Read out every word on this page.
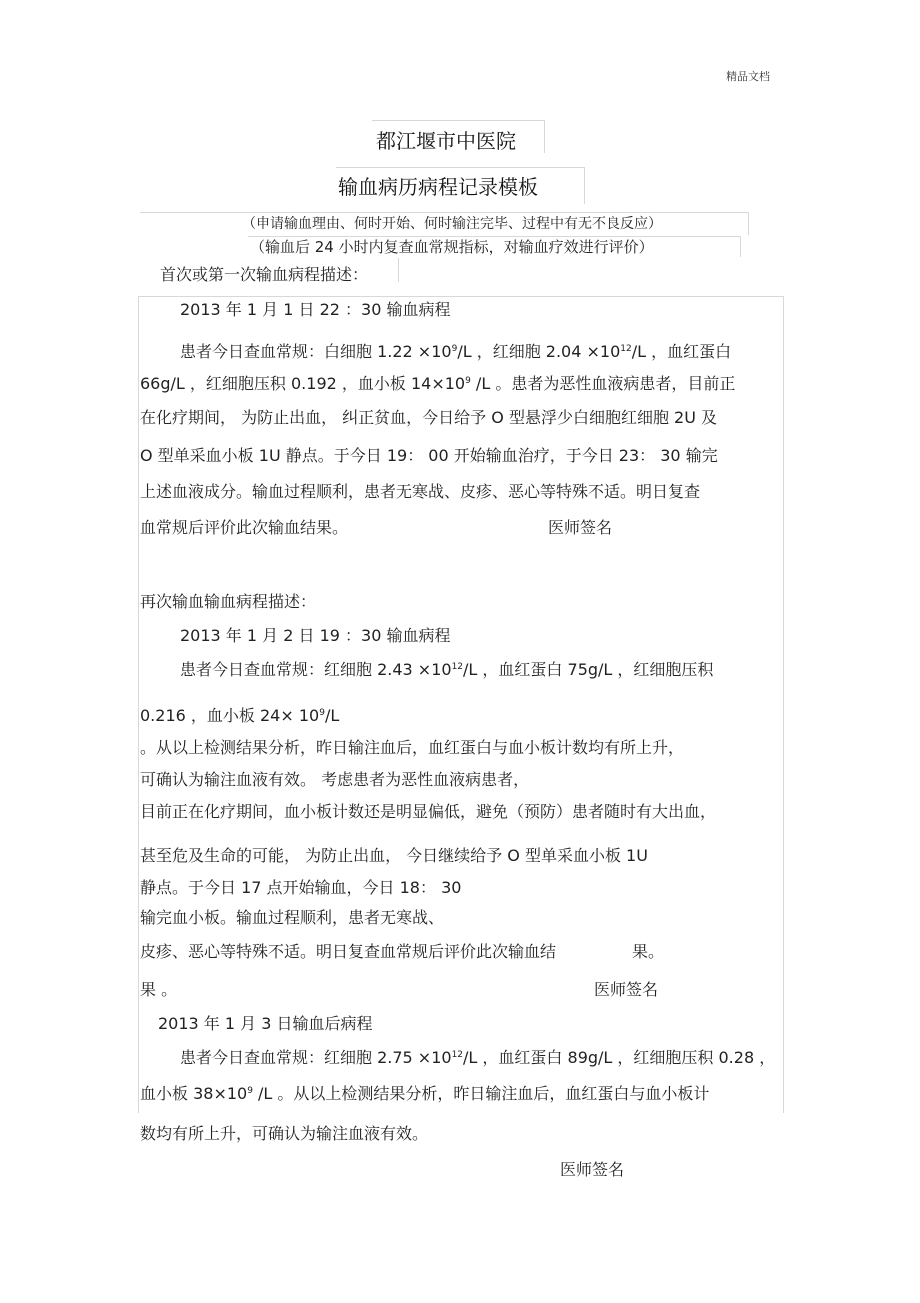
精品文档
都江堰市中医院
输血病历病程记录模板
（申请输血理由、何时开始、何时输注完毕、过程中有无不良反应）
（输血后 24 小时内复查血常规指标，对输血疗效进行评价）
首次或第一次输血病程描述：
2013 年 1 月 1 日 22 ：30 输血病程
患者今日查血常规：白细胞 $1.22 \times 10^9/L$ ，红细胞 $2.04 \times 10^{12}/L$ ，血红蛋白
66g/L ，红细胞压积 0.192 ，血小板 $14\times 10^9$ /L 。患者为恶性血液病患者，目前正
在化疗期间， 为防止出血， 纠正贫血，今日给予 O 型悬浮少白细胞红细胞 2U 及
O 型单采血小板 1U 静点。于今日 19： 00 开始输血治疗，于今日 23： 30 输完
上述血液成分。输血过程顺利，患者无寒战、皮疹、恶心等特殊不适。明日复查
血常规后评价此次输血结果。	医师签名
再次输血输血病程描述：
2013 年 1 月 2 日 19 ：30 输血病程
患者今日查血常规：红细胞 $2.43 \times 10^{12}/L$ ，血红蛋白 75g/L ，红细胞压积
0.216 ，血小板 $24\times 10^9/L$
。从以上检测结果分析，昨日输注血后，血红蛋白与血小板计数均有所上升，
可确认为输注血液有效。 考虑患者为恶性血液病患者，
目前正在化疗期间，血小板计数还是明显偏低，避免（预防）患者随时有大出血，
甚至危及生命的可能， 为防止出血， 今日继续给予 O 型单采血小板 1U
静点。于今日 17 点开始输血，今日 18： 30
输完血小板。输血过程顺利，患者无寒战、
皮疹、恶心等特殊不适。明日复查血常规后评价此次输血结	果。
果 。	医师签名
2013 年 1 月 3 日输血后病程
患者今日查血常规：红细胞 $2.75 \times 10^{12}/L$ ，血红蛋白 89g/L ，红细胞压积 0.28 ，
血小板 $38\times 10^9$ /L 。从以上检测结果分析，昨日输注血后，血红蛋白与血小板计
数均有所上升，可确认为输注血液有效。
医师签名
